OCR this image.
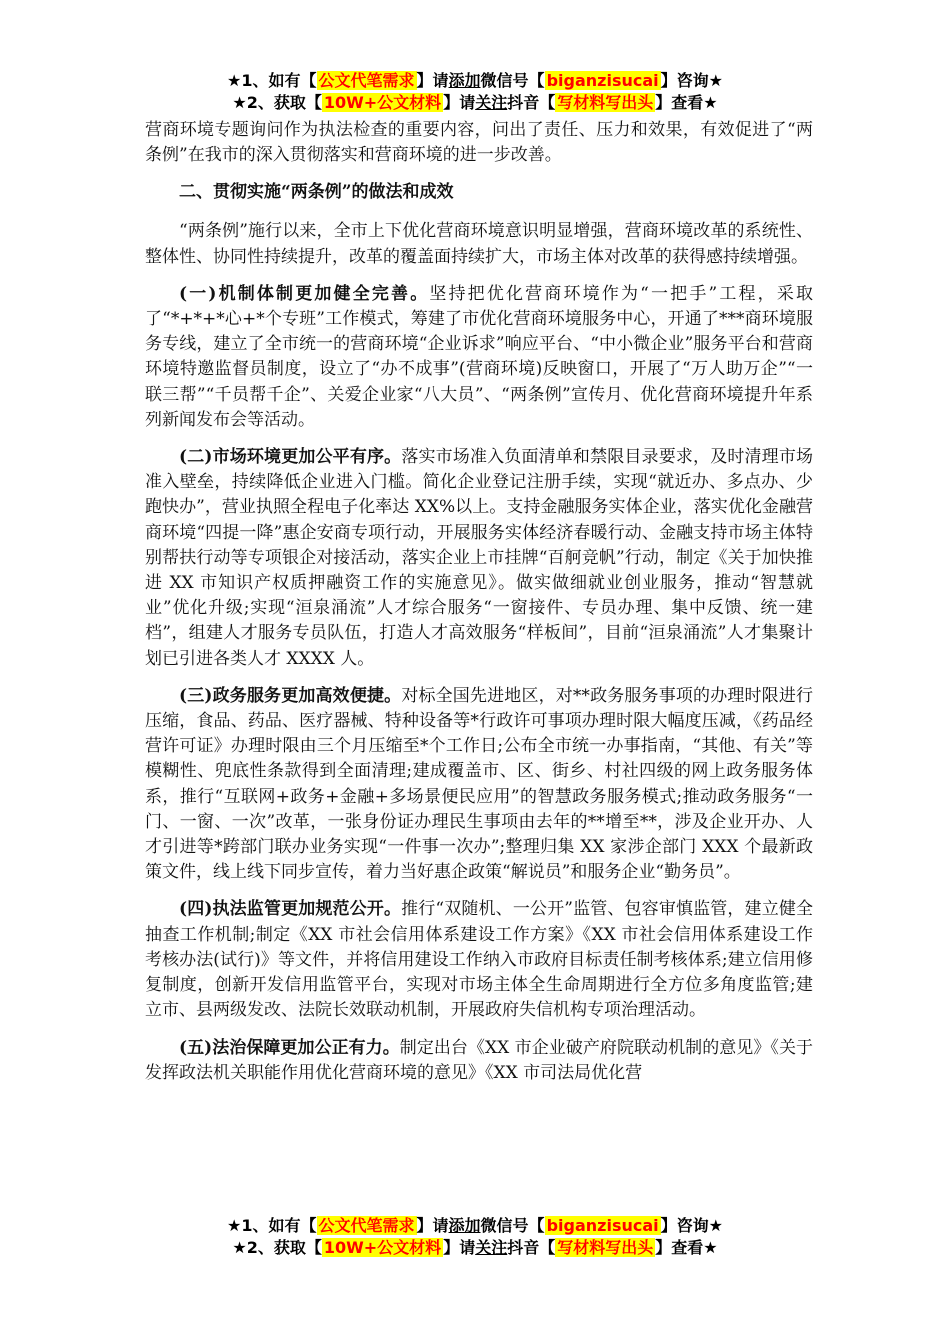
★1、如有【 公文代笔需求 】请添加微信号【 biganzisucai 】咨询★
★2、获取【 10W+公文材料 】请关注抖音【 写材料写出头 】查看★

营商环境专题询问作为执法检查的重要内容，问出了责任、压力和效果，有效促进了“两条例”在我市的深入贯彻落实和营商环境的进一步改善。

二、贯彻实施“两条例”的做法和成效

“两条例”施行以来，全市上下优化营商环境意识明显增强，营商环境改革的系统性、整体性、协同性持续提升，改革的覆盖面持续扩大，市场主体对改革的获得感持续增强。

(一)机制体制更加健全完善。坚持把优化营商环境作为“一把手”工程，采取了“*+*+*心+*个专班”工作模式，筹建了市优化营商环境服务中心，开通了***商环境服务专线，建立了全市统一的营商环境“企业诉求”响应平台、“中小微企业”服务平台和营商环境特邀监督员制度，设立了“办不成事”(营商环境)反映窗口，开展了“万人助万企”“一联三帮”“千员帮千企”、关爱企业家“八大员”、“两条例”宣传月、优化营商环境提升年系列新闻发布会等活动。

(二)市场环境更加公平有序。落实市场准入负面清单和禁限目录要求，及时清理市场准入壁垒，持续降低企业进入门槛。简化企业登记注册手续，实现“就近办、多点办、少跑快办”，营业执照全程电子化率达 XX%以上。支持金融服务实体企业，落实优化金融营商环境“四提一降”惠企安商专项行动，开展服务实体经济春暖行动、金融支持市场主体特别帮扶行动等专项银企对接活动，落实企业上市挂牌“百舸竞帆”行动，制定《关于加快推进 XX 市知识产权质押融资工作的实施意见》。做实做细就业创业服务，推动“智慧就业”优化升级;实现“洹泉涌流”人才综合服务“一窗接件、专员办理、集中反馈、统一建档”，组建人才服务专员队伍，打造人才高效服务“样板间”，目前“洹泉涌流”人才集聚计划已引进各类人才 XXXX 人。

(三)政务服务更加高效便捷。对标全国先进地区，对**政务服务事项的办理时限进行压缩，食品、药品、医疗器械、特种设备等*行政许可事项办理时限大幅度压减，《药品经营许可证》办理时限由三个月压缩至*个工作日;公布全市统一办事指南，“其他、有关”等模糊性、兜底性条款得到全面清理;建成覆盖市、区、街乡、村社四级的网上政务服务体系，推行“互联网+政务+金融+多场景便民应用”的智慧政务服务模式;推动政务服务“一门、一窗、一次”改革，一张身份证办理民生事项由去年的**增至**，涉及企业开办、人才引进等*跨部门联办业务实现“一件事一次办”;整理归集 XX 家涉企部门 XXX 个最新政策文件，线上线下同步宣传，着力当好惠企政策“解说员”和服务企业“勤务员”。

(四)执法监管更加规范公开。推行“双随机、一公开”监管、包容审慎监管，建立健全抽查工作机制;制定《XX 市社会信用体系建设工作方案》《XX 市社会信用体系建设工作考核办法(试行)》等文件，并将信用建设工作纳入市政府目标责任制考核体系;建立信用修复制度，创新开发信用监管平台，实现对市场主体全生命周期进行全方位多角度监管;建立市、县两级发改、法院长效联动机制，开展政府失信机构专项治理活动。

(五)法治保障更加公正有力。制定出台《XX 市企业破产府院联动机制的意见》《关于发挥政法机关职能作用优化营商环境的意见》《XX 市司法局优化营

★1、如有【 公文代笔需求 】请添加微信号【 biganzisucai 】咨询★
★2、获取【 10W+公文材料 】请关注抖音【 写材料写出头 】查看★
